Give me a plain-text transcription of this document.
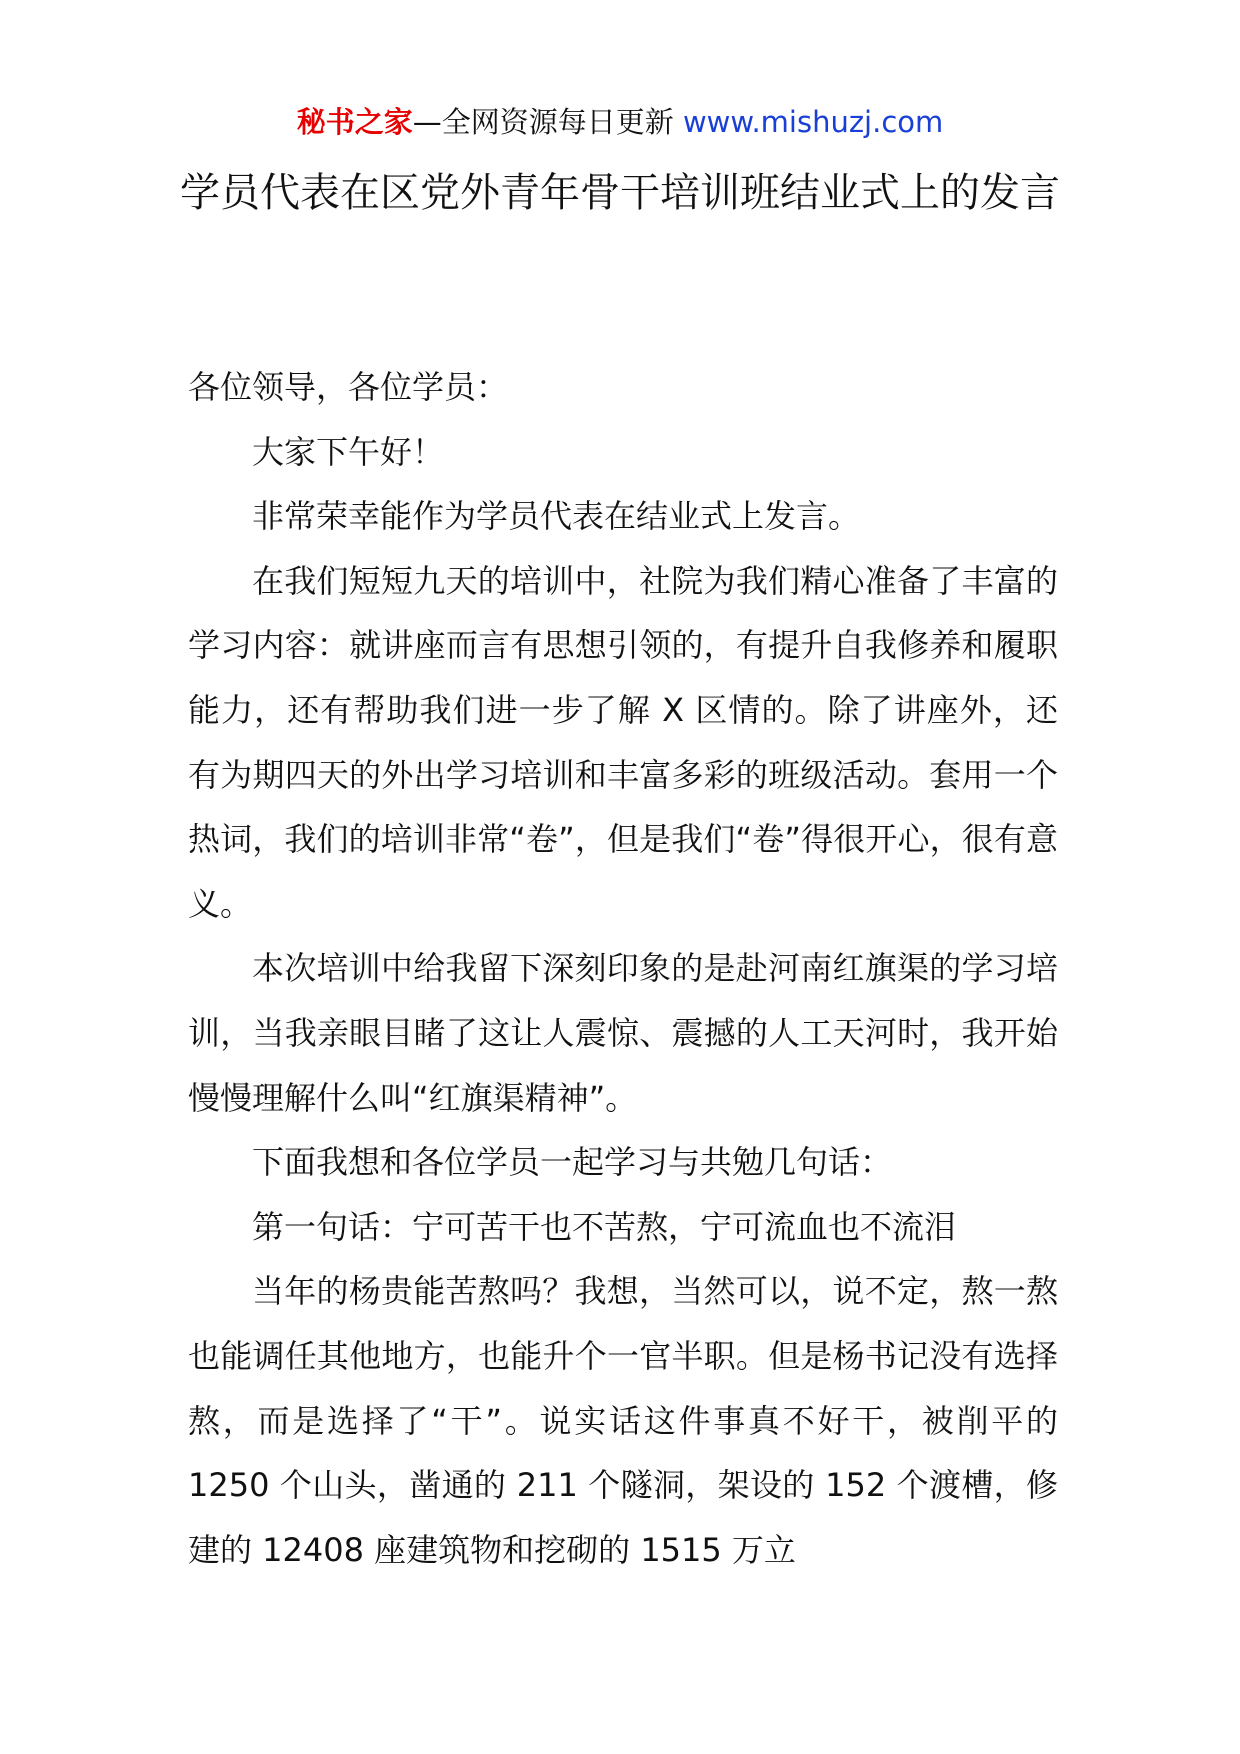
秘书之家—全网资源每日更新 www.mishuzj.com
学员代表在区党外青年骨干培训班结业式上的发言

各位领导，各位学员：

大家下午好！

非常荣幸能作为学员代表在结业式上发言。

在我们短短九天的培训中，社院为我们精心准备了丰富的学习内容：就讲座而言有思想引领的，有提升自我修养和履职能力，还有帮助我们进一步了解 X 区情的。除了讲座外，还有为期四天的外出学习培训和丰富多彩的班级活动。套用一个热词，我们的培训非常“卷”，但是我们“卷”得很开心，很有意义。

本次培训中给我留下深刻印象的是赴河南红旗渠的学习培训，当我亲眼目睹了这让人震惊、震撼的人工天河时，我开始慢慢理解什么叫“红旗渠精神”。

下面我想和各位学员一起学习与共勉几句话：

第一句话：宁可苦干也不苦熬，宁可流血也不流泪

当年的杨贵能苦熬吗？我想，当然可以，说不定，熬一熬也能调任其他地方，也能升个一官半职。但是杨书记没有选择熬，而是选择了“干”。说实话这件事真不好干，被削平的 1250 个山头，凿通的 211 个隧洞，架设的 152 个渡槽，修建的 12408 座建筑物和挖砌的 1515 万立
